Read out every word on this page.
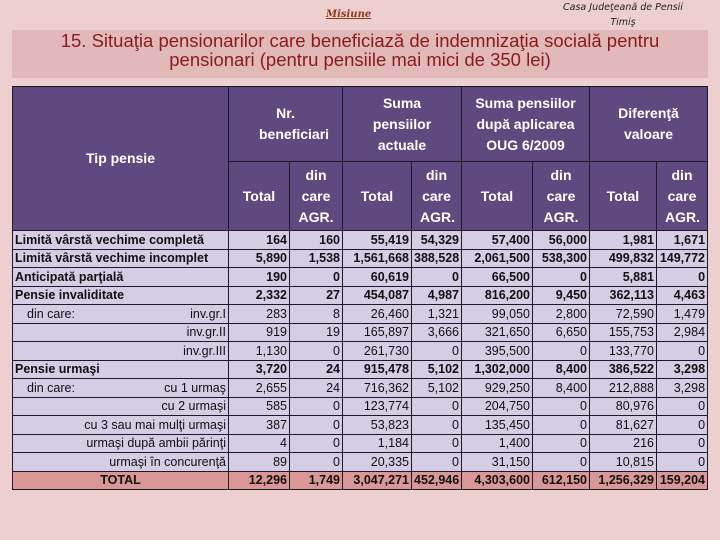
Misiune
Casa Judeţeană de Pensii
Timiş
15. Situaţia pensionarilor care beneficiază de indemnizaţia socială pentru
pensionari (pentru pensiile mai mici de 350 lei)
Tip pensie	Nr. beneficiari		Suma pensiilor actuale		Suma pensiilor după aplicarea OUG 6/2009		Diferenţă valoare	
	Total	din care AGR.	Total	din care AGR.	Total	din care AGR.	Total	din care AGR.
Limită vârstă vechime completă	164	160	55,419	54,329	57,400	56,000	1,981	1,671
Limită vârstă vechime incomplet	5,890	1,538	1,561,668	388,528	2,061,500	538,300	499,832	149,772
Anticipată parţială	190	0	60,619	0	66,500	0	5,881	0
Pensie invaliditate	2,332	27	454,087	4,987	816,200	9,450	362,113	4,463

din care: inv.gr.I	283	8	26,460	1,321	99,050	2,800	72,590	1,479
inv.gr.II	919	19	165,897	3,666	321,650	6,650	155,753	2,984
inv.gr.III	1,130	0	261,730	0	395,500	0	133,770	0
Pensie urmaşi	3,720	24	915,478	5,102	1,302,000	8,400	386,522	3,298

din care: cu 1 urmaş	2,655	24	716,362	5,102	929,250	8,400	212,888	3,298
cu 2 urmaşi	585	0	123,774	0	204,750	0	80,976	0
cu 3 sau mai mulţi urmaşi	387	0	53,823	0	135,450	0	81,627	0
urmaşi după ambii părinţi	4	0	1,184	0	1,400	0	216	0
urmaşi în concurenţă	89	0	20,335	0	31,150	0	10,815	0
TOTAL	12,296	1,749	3,047,271	452,946	4,303,600	612,150	1,256,329	159,204
